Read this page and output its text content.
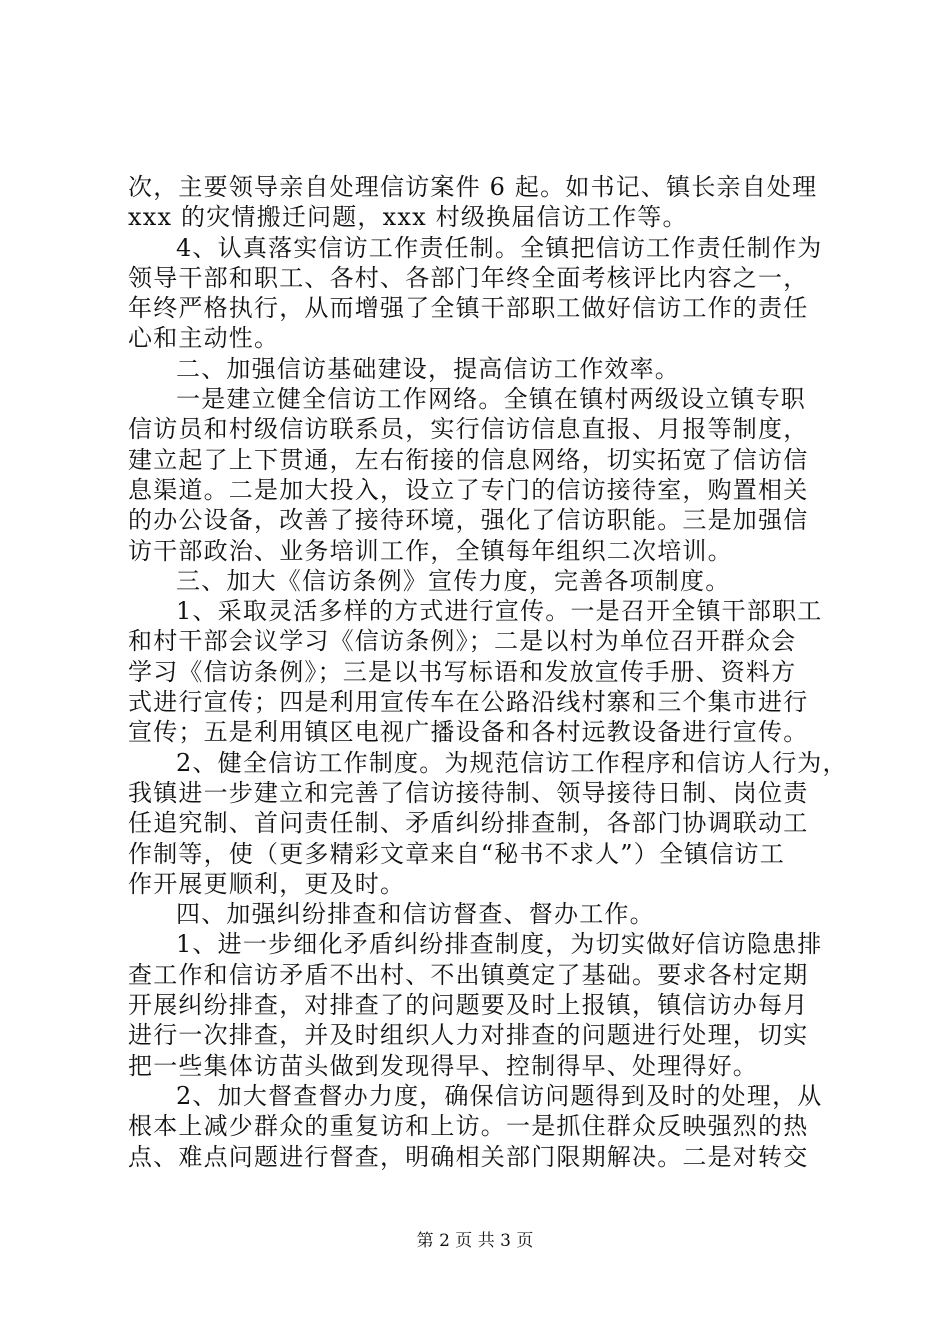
次，主要领导亲自处理信访案件 6 起。如书记、镇长亲自处理
xxx 的灾情搬迁问题，xxx 村级换届信访工作等。
4、认真落实信访工作责任制。全镇把信访工作责任制作为
领导干部和职工、各村、各部门年终全面考核评比内容之一，
年终严格执行，从而增强了全镇干部职工做好信访工作的责任
心和主动性。
二、加强信访基础建设，提高信访工作效率。
一是建立健全信访工作网络。全镇在镇村两级设立镇专职
信访员和村级信访联系员，实行信访信息直报、月报等制度，
建立起了上下贯通，左右衔接的信息网络，切实拓宽了信访信
息渠道。二是加大投入，设立了专门的信访接待室，购置相关
的办公设备，改善了接待环境，强化了信访职能。三是加强信
访干部政治、业务培训工作，全镇每年组织二次培训。
三、加大《信访条例》宣传力度，完善各项制度。
1、采取灵活多样的方式进行宣传。一是召开全镇干部职工
和村干部会议学习《信访条例》；二是以村为单位召开群众会
学习《信访条例》；三是以书写标语和发放宣传手册、资料方
式进行宣传；四是利用宣传车在公路沿线村寨和三个集市进行
宣传；五是利用镇区电视广播设备和各村远教设备进行宣传。
2、健全信访工作制度。为规范信访工作程序和信访人行为，
我镇进一步建立和完善了信访接待制、领导接待日制、岗位责
任追究制、首问责任制、矛盾纠纷排查制，各部门协调联动工
作制等，使（更多精彩文章来自“秘书不求人”）全镇信访工
作开展更顺利，更及时。
四、加强纠纷排查和信访督查、督办工作。
1、进一步细化矛盾纠纷排查制度，为切实做好信访隐患排
查工作和信访矛盾不出村、不出镇奠定了基础。要求各村定期
开展纠纷排查，对排查了的问题要及时上报镇，镇信访办每月
进行一次排查，并及时组织人力对排查的问题进行处理，切实
把一些集体访苗头做到发现得早、控制得早、处理得好。
2、加大督查督办力度，确保信访问题得到及时的处理，从
根本上减少群众的重复访和上访。一是抓住群众反映强烈的热
点、难点问题进行督查，明确相关部门限期解决。二是对转交
第 2 页 共 3 页
